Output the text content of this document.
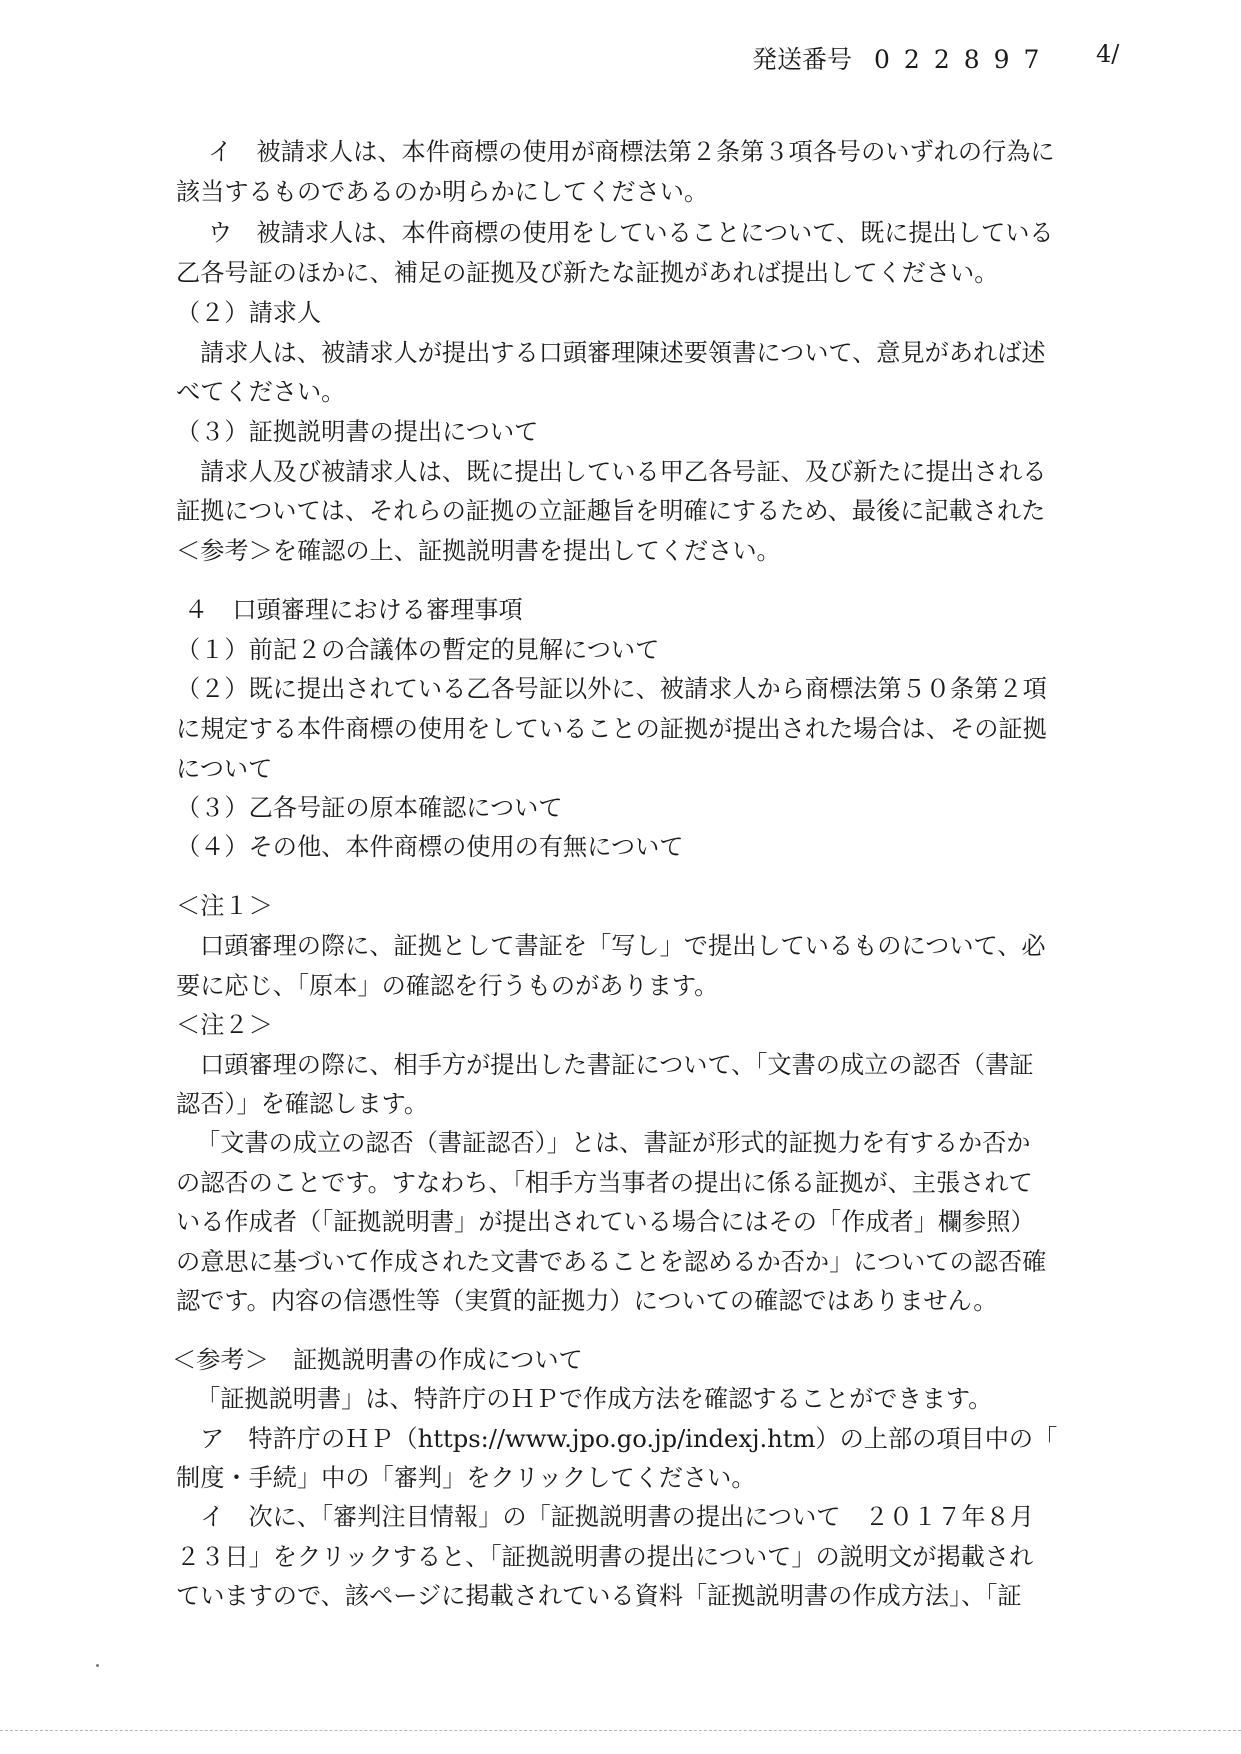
発送番号 022897 4/
イ　被請求人は、本件商標の使用が商標法第２条第３項各号のいずれの行為に
該当するものであるのか明らかにしてください。
ウ　被請求人は、本件商標の使用をしていることについて、既に提出している
乙各号証のほかに、補足の証拠及び新たな証拠があれば提出してください。
（２）請求人
請求人は、被請求人が提出する口頭審理陳述要領書について、意見があれば述
べてください。
（３）証拠説明書の提出について
請求人及び被請求人は、既に提出している甲乙各号証、及び新たに提出される
証拠については、それらの証拠の立証趣旨を明確にするため、最後に記載された
＜参考＞を確認の上、証拠説明書を提出してください。
４　口頭審理における審理事項
（１）前記２の合議体の暫定的見解について
（２）既に提出されている乙各号証以外に、被請求人から商標法第５０条第２項
に規定する本件商標の使用をしていることの証拠が提出された場合は、その証拠
について
（３）乙各号証の原本確認について
（４）その他、本件商標の使用の有無について
＜注１＞
口頭審理の際に、証拠として書証を「写し」で提出しているものについて、必
要に応じ、「原本」の確認を行うものがあります。
＜注２＞
口頭審理の際に、相手方が提出した書証について、「文書の成立の認否（書証
認否）」を確認します。
「文書の成立の認否（書証認否）」とは、書証が形式的証拠力を有するか否か
の認否のことです。すなわち、「相手方当事者の提出に係る証拠が、主張されて
いる作成者（「証拠説明書」が提出されている場合にはその「作成者」欄参照）
の意思に基づいて作成された文書であることを認めるか否か」についての認否確
認です。内容の信憑性等（実質的証拠力）についての確認ではありません。
＜参考＞　証拠説明書の作成について
「証拠説明書」は、特許庁のＨＰで作成方法を確認することができます。
ア　特許庁のＨＰ（https://www.jpo.go.jp/indexj.htm）の上部の項目中の「
制度・手続」中の「審判」をクリックしてください。
イ　次に、「審判注目情報」の「証拠説明書の提出について　２０１７年８月
２３日」をクリックすると、「証拠説明書の提出について」の説明文が掲載され
ていますので、該ページに掲載されている資料「証拠説明書の作成方法」、「証
